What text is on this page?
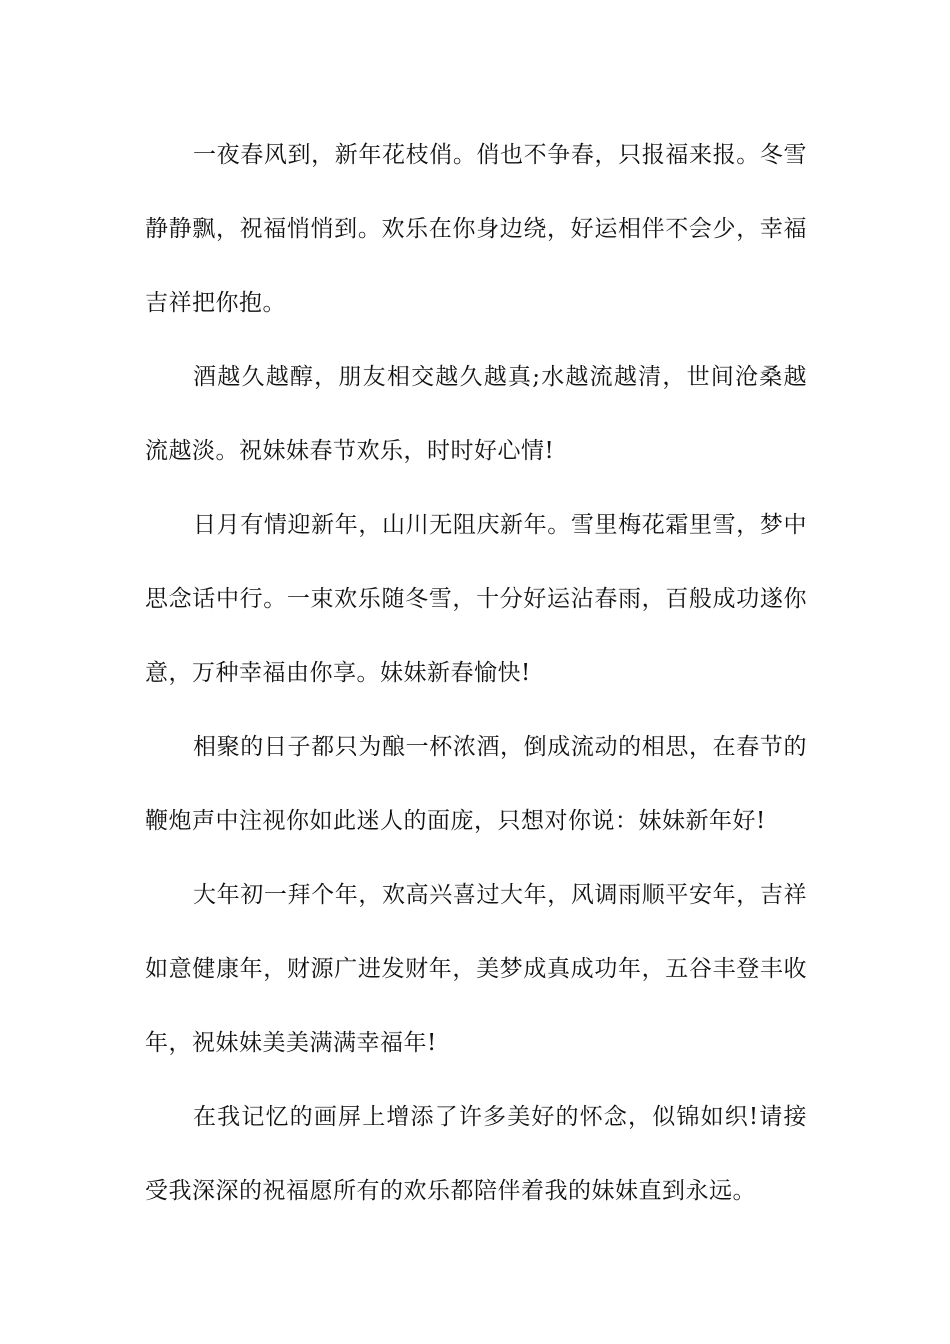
一夜春风到，新年花枝俏。俏也不争春，只报福来报。冬雪静静飘，祝福悄悄到。欢乐在你身边绕，好运相伴不会少，幸福吉祥把你抱。

酒越久越醇，朋友相交越久越真;水越流越清，世间沧桑越流越淡。祝妹妹春节欢乐，时时好心情!

日月有情迎新年，山川无阻庆新年。雪里梅花霜里雪，梦中思念话中行。一束欢乐随冬雪，十分好运沾春雨，百般成功遂你意，万种幸福由你享。妹妹新春愉快!

相聚的日子都只为酿一杯浓酒，倒成流动的相思，在春节的鞭炮声中注视你如此迷人的面庞，只想对你说：妹妹新年好!

大年初一拜个年，欢高兴喜过大年，风调雨顺平安年，吉祥如意健康年，财源广进发财年，美梦成真成功年，五谷丰登丰收年，祝妹妹美美满满幸福年!

在我记忆的画屏上增添了许多美好的怀念，似锦如织!请接受我深深的祝福愿所有的欢乐都陪伴着我的妹妹直到永远。
